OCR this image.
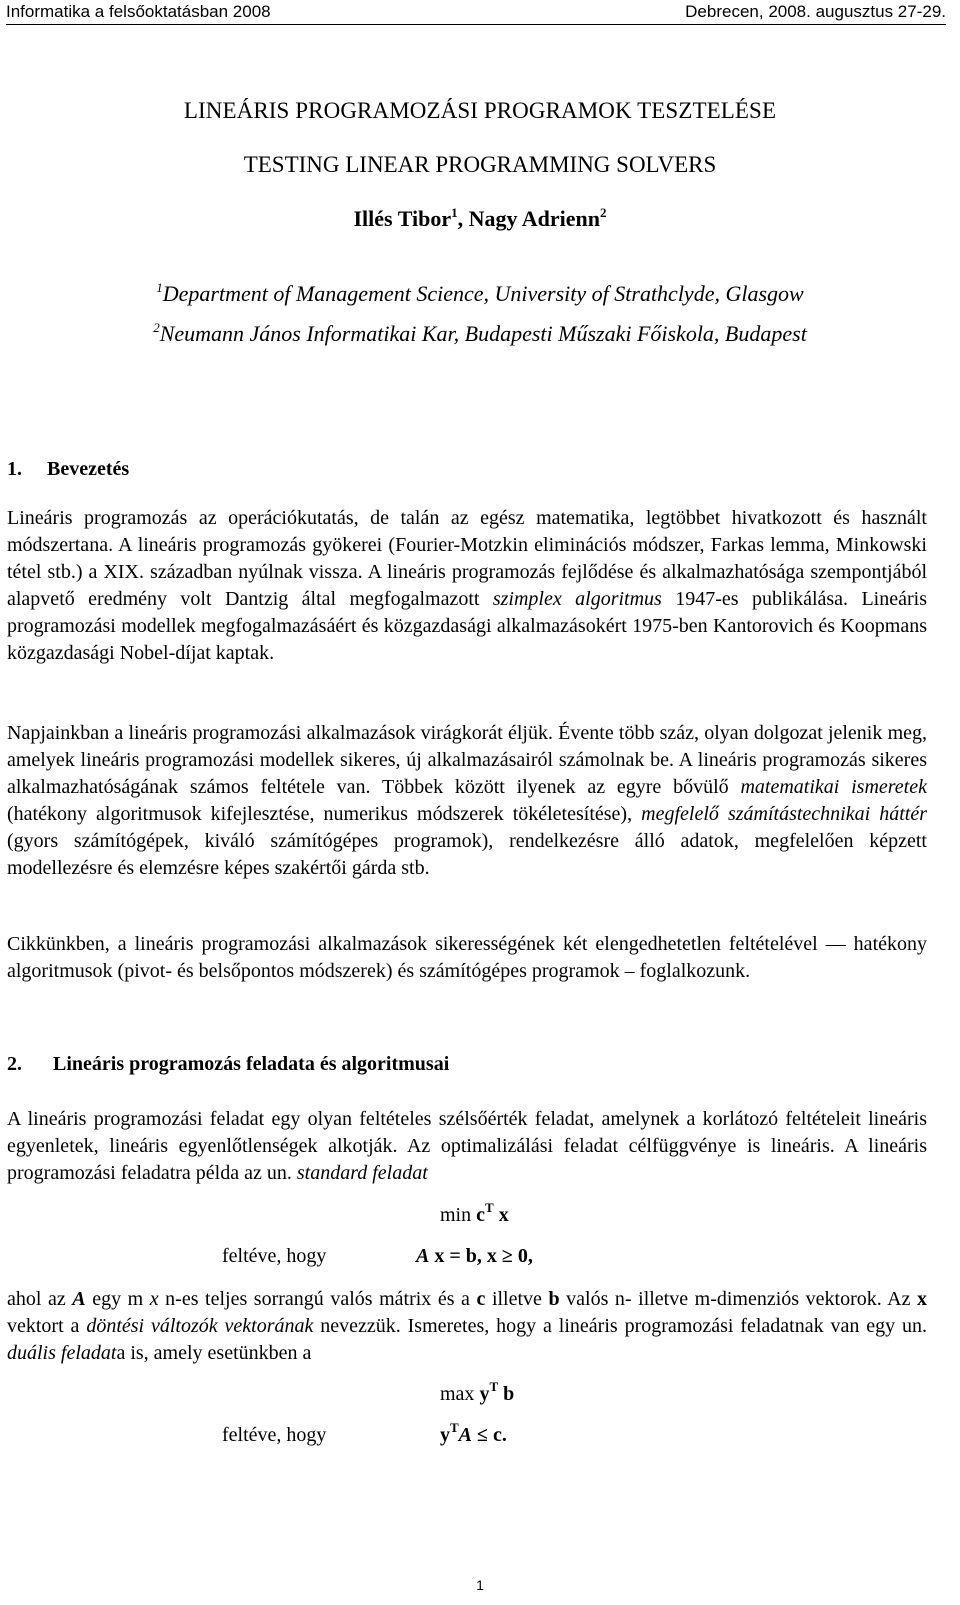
Informatika a felsőoktatásban 2008	Debrecen, 2008. augusztus 27-29.
LINEÁRIS PROGRAMOZÁSI PROGRAMOK TESZTELÉSE
TESTING LINEAR PROGRAMMING SOLVERS
Illés Tibor$^1$, Nagy Adrienn$^2$
$^1$Department of Management Science, University of Strathclyde, Glasgow
$^2$Neumann János Informatikai Kar, Budapesti Műszaki Főiskola, Budapest
1. Bevezetés

Lineáris programozás az operációkutatás, de talán az egész matematika, legtöbbet hivatkozott és használt módszertana. A lineáris programozás gyökerei (Fourier-Motzkin eliminációs módszer, Farkas lemma, Minkowski tétel stb.) a XIX. században nyúlnak vissza. A lineáris programozás fejlődése és alkalmazhatósága szempontjából alapvető eredmény volt Dantzig által megfogalmazott szimplex algoritmus 1947-es publikálása. Lineáris programozási modellek megfogalmazásáért és közgazdasági alkalmazásokért 1975-ben Kantorovich és Koopmans közgazdasági Nobel-díjat kaptak.

Napjainkban a lineáris programozási alkalmazások virágkorát éljük. Évente több száz, olyan dolgozat jelenik meg, amelyek lineáris programozási modellek sikeres, új alkalmazásairól számolnak be. A lineáris programozás sikeres alkalmazhatóságának számos feltétele van. Többek között ilyenek az egyre bővülő matematikai ismeretek (hatékony algoritmusok kifejlesztése, numerikus módszerek tökéletesítése), megfelelő számítástechnikai háttér (gyors számítógépek, kiváló számítógépes programok), rendelkezésre álló adatok, megfelelően képzett modellezésre és elemzésre képes szakértői gárda stb.

Cikkünkben, a lineáris programozási alkalmazások sikerességének két elengedhetetlen feltételével — hatékony algoritmusok (pivot- és belsőpontos módszerek) és számítógépes programok – foglalkozunk.

2. Lineáris programozás feladata és algoritmusai

A lineáris programozási feladat egy olyan feltételes szélsőérték feladat, amelynek a korlátozó feltételeit lineáris egyenletek, lineáris egyenlőtlenségek alkotják. Az optimalizálási feladat célfüggvénye is lineáris. A lineáris programozási feladatra példa az un. standard feladat

$\min c^T$ x
feltéve, hogy	A x = b, x ≥ 0,

ahol az A egy m x n-es teljes sorrangú valós mátrix és a c illetve b valós n- illetve m-dimenziós vektorok. Az x vektort a döntési változók vektorának nevezzük. Ismeretes, hogy a lineáris programozási feladatnak van egy un. duális feladata is, amely esetünkben a

$\max y^T$ b
feltéve, hogy	$y^TA \le c$.
1
